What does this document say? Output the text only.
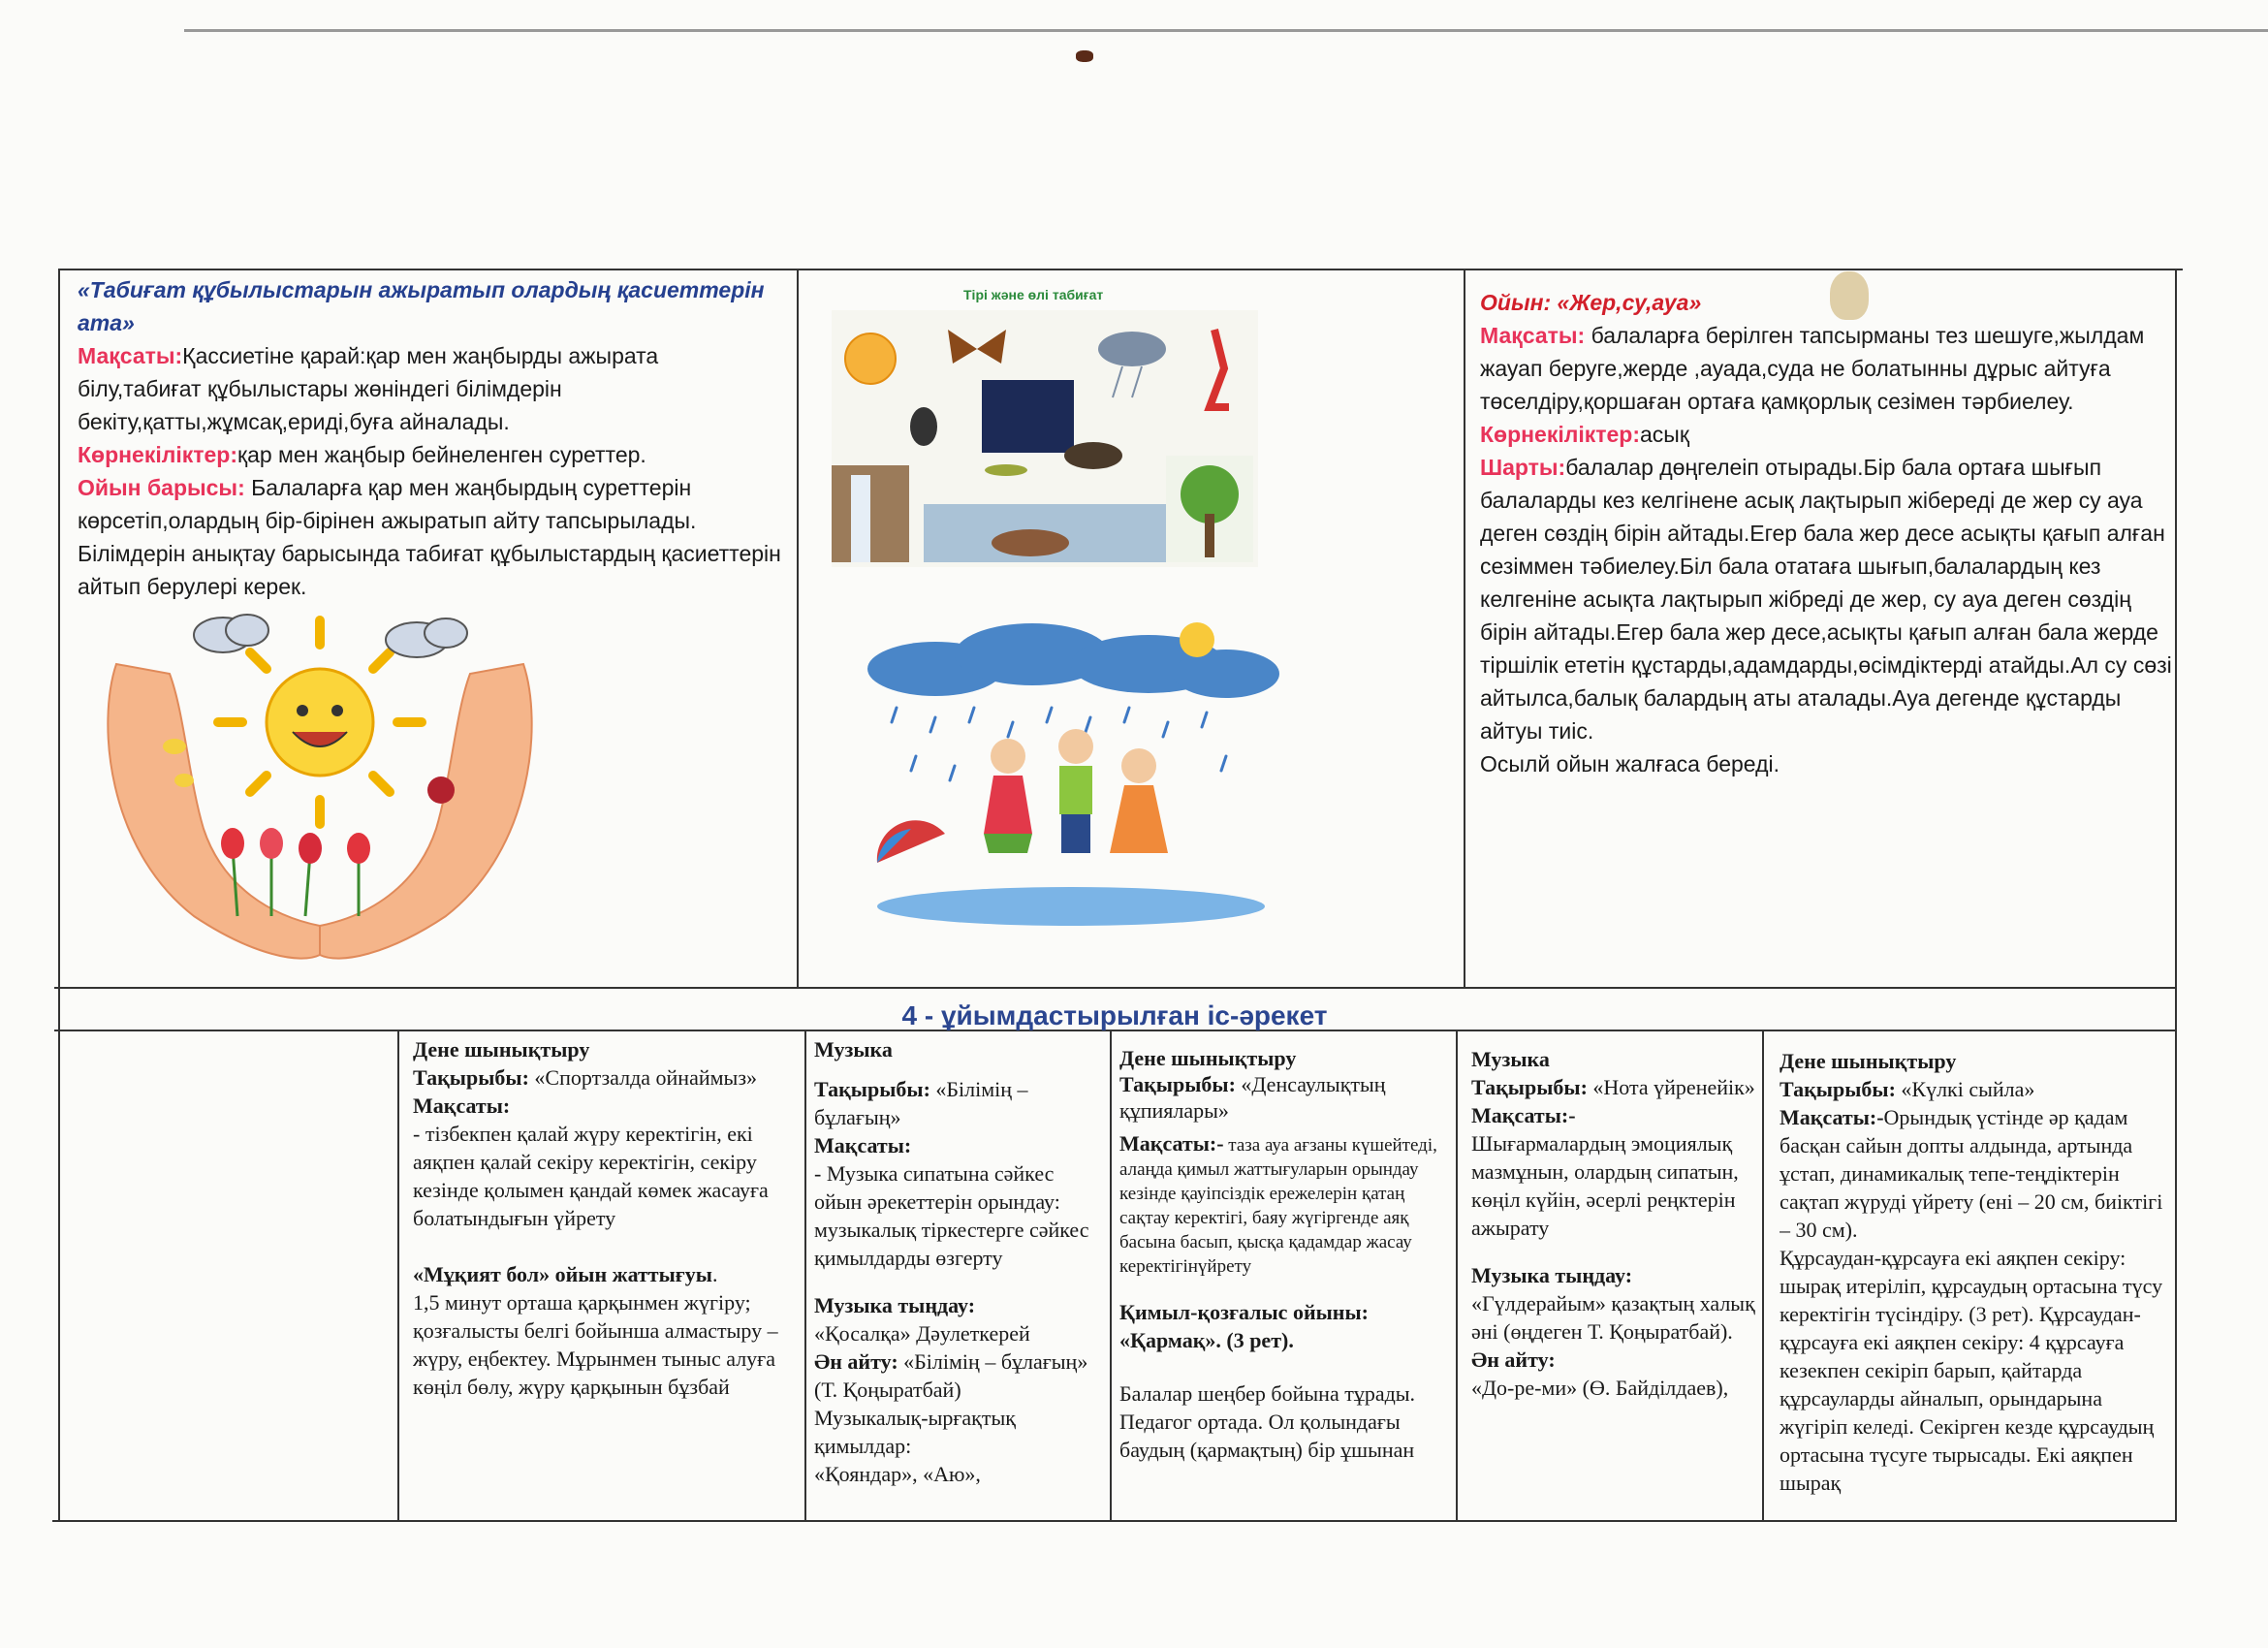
«Табиғат құбылыстарын ажыратып олардың қасиеттерін ата»

Мақсаты:Қассиетіне қарай:қар мен жаңбырды ажырата білу,табиғат құбылыстары жөніндегі білімдерін бекіту,қатты,жұмсақ,ериді,буға айналады.

Көрнекіліктер:қар мен жаңбыр бейнеленген суреттер.

Ойын барысы: Балаларға қар мен жаңбырдың суреттерін көрсетіп,олардың бір-бірінен ажыратып айту тапсырылады. Білімдерін анықтау барысында табиғат құбылыстардың қасиеттерін айтып берулері керек.

Тірі және өлі табиғат	Ойын: «Жер,су,ауа»

Мақсаты: балаларға берілген тапсырманы тез шешуге,жылдам жауап беруге,жерде ,ауада,суда не болатынны дұрыс айтуға төселдіру,қоршаған ортаға қамқорлық сезімен тәрбиелеу.

Көрнекіліктер:асық

Шарты:балалар дөңгелеіп отырады.Бір бала ортаға шығып балаларды кез келгінене асық лақтырып жібереді де жер су ауа деген сөздің бірін айтады.Егер бала жер десе асықты қағып алған сезіммен тәбиелеу.Біл бала отатаға шығып,балалардың кез келгеніне асықта лақтырып жібреді де жер, су ауа деген сөздің бірін айтады.Егер бала жер десе,асықты қағып алған бала жерде тіршілік ететін құстарды,адамдарды,өсімдіктерді атайды.Ал су сөзі айтылса,балық балардың аты аталады.Ауа дегенде құстарды айтуы тиіс.

Осылй ойын жалғаса береді.

4 - ұйымдастырылған іс-әрекет

Дене шынықтыру

Тақырыбы: «Спортзалда ойнаймыз»

Мақсаты:

- тізбекпен қалай жүру керектігін, екі аяқпен қалай секіру керектігін, секіру кезінде қолымен қандай көмек жасауға болатындығын үйрету

«Мұқият бол» ойын жаттығуы.

1,5 минут орташа қарқынмен жүгіру; қозғалысты белгі бойынша алмастыру – жүру, еңбектеу. Мұрынмен тыныс алуға көңіл бөлу, жүру қарқынын бұзбай

Музыка

Тақырыбы: «Білімің – бұлағың»

Мақсаты:

- Музыка сипатына сәйкес ойын әрекеттерін орындау: музыкалық тіркестерге сәйкес қимылдарды өзгерту

Музыка тыңдау:

«Қосалқа» Дәулеткерей

Ән айту: «Білімің – бұлағың» (Т. Қоңыратбай)

Музыкалық-ырғақтық қимылдар:

«Қояндар», «Аю»,

Дене шынықтыру

Тақырыбы: «Денсаулықтың құпиялары»

Мақсаты:- таза ауа ағзаны күшейтеді, алаңда қимыл жаттығуларын орындау кезінде қауіпсіздік ережелерін қатаң сақтау керектігі, баяу жүгіргенде аяқ басына басып, қысқа қадамдар жасау керектігінүйрету

Қимыл-қозғалыс ойыны: «Қармақ». (3 рет).

Балалар шеңбер бойына тұрады. Педагог ортада. Ол қолындағы баудың (қармақтың) бір ұшынан

Музыка

Тақырыбы: «Нота үйренейік»

Мақсаты:-

Шығармалардың эмоциялық мазмұнын, олардың сипатын, көңіл күйін, әсерлі реңктерін ажырату

Музыка тыңдау:

«Гүлдерайым» қазақтың халық әні (өңдеген Т. Қоңыратбай).

Ән айту:

«До-ре-ми» (Ө. Байділдаев),

Дене шынықтыру

Тақырыбы: «Күлкі сыйла»

Мақсаты:-Орындық үстінде әр қадам басқан сайын допты алдында, артында ұстап, динамикалық тепе-теңдіктерін сақтап жүруді үйрету (ені – 20 см, биіктігі – 30 см).

Құрсаудан-құрсауға екі аяқпен секіру: шырақ итеріліп, құрсаудың ортасына түсу керектігін түсіндіру. (3 рет). Құрсаудан-құрсауға екі аяқпен секіру: 4 құрсауға кезекпен секіріп барып, қайтарда құрсауларды айналып, орындарына жүгіріп келеді. Секірген кезде құрсаудың ортасына түсуге тырысады. Екі аяқпен шырақ
